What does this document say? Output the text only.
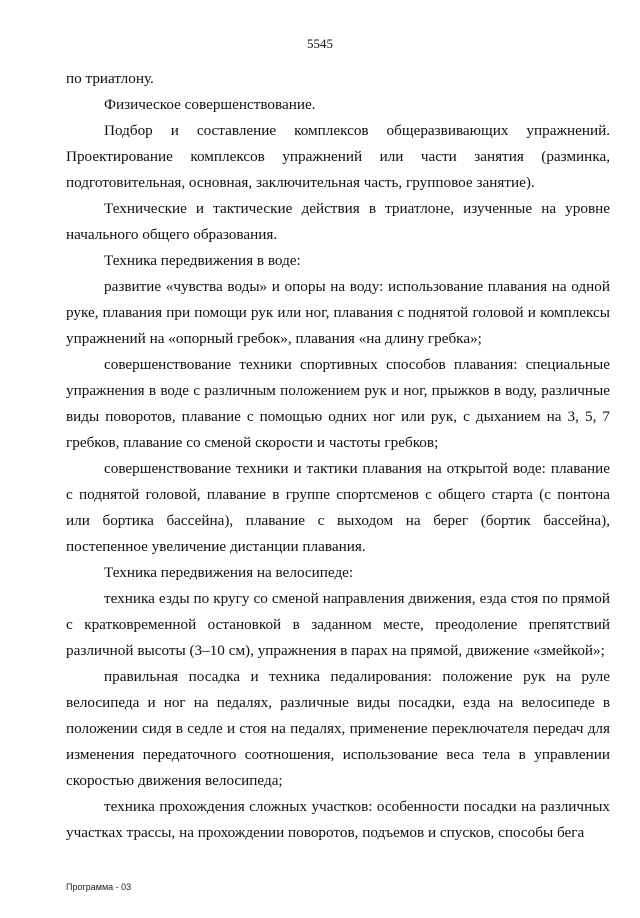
5545

по триатлону.

Физическое совершенствование.

Подбор и составление комплексов общеразвивающих упражнений. Проектирование комплексов упражнений или части занятия (разминка, подготовительная, основная, заключительная часть, групповое занятие).

Технические и тактические действия в триатлоне, изученные на уровне начального общего образования.

Техника передвижения в воде:

развитие «чувства воды» и опоры на воду: использование плавания на одной руке, плавания при помощи рук или ног, плавания с поднятой головой и комплексы упражнений на «опорный гребок», плавания «на длину гребка»;

совершенствование техники спортивных способов плавания: специальные упражнения в воде с различным положением рук и ног, прыжков в воду, различные виды поворотов, плавание с помощью одних ног или рук, с дыханием на 3, 5, 7 гребков, плавание со сменой скорости и частоты гребков;

совершенствование техники и тактики плавания на открытой воде: плавание с поднятой головой, плавание в группе спортсменов с общего старта (с понтона или бортика бассейна), плавание с выходом на берег (бортик бассейна), постепенное увеличение дистанции плавания.

Техника передвижения на велосипеде:

техника езды по кругу со сменой направления движения, езда стоя по прямой с кратковременной остановкой в заданном месте, преодоление препятствий различной высоты (3–10 см), упражнения в парах на прямой, движение «змейкой»;

правильная посадка и техника педалирования: положение рук на руле велосипеда и ног на педалях, различные виды посадки, езда на велосипеде в положении сидя в седле и стоя на педалях, применение переключателя передач для изменения передаточного соотношения, использование веса тела в управлении скоростью движения велосипеда;

техника прохождения сложных участков: особенности посадки на различных участках трассы, на прохождении поворотов, подъемов и спусков, способы бега

Программа - 03
